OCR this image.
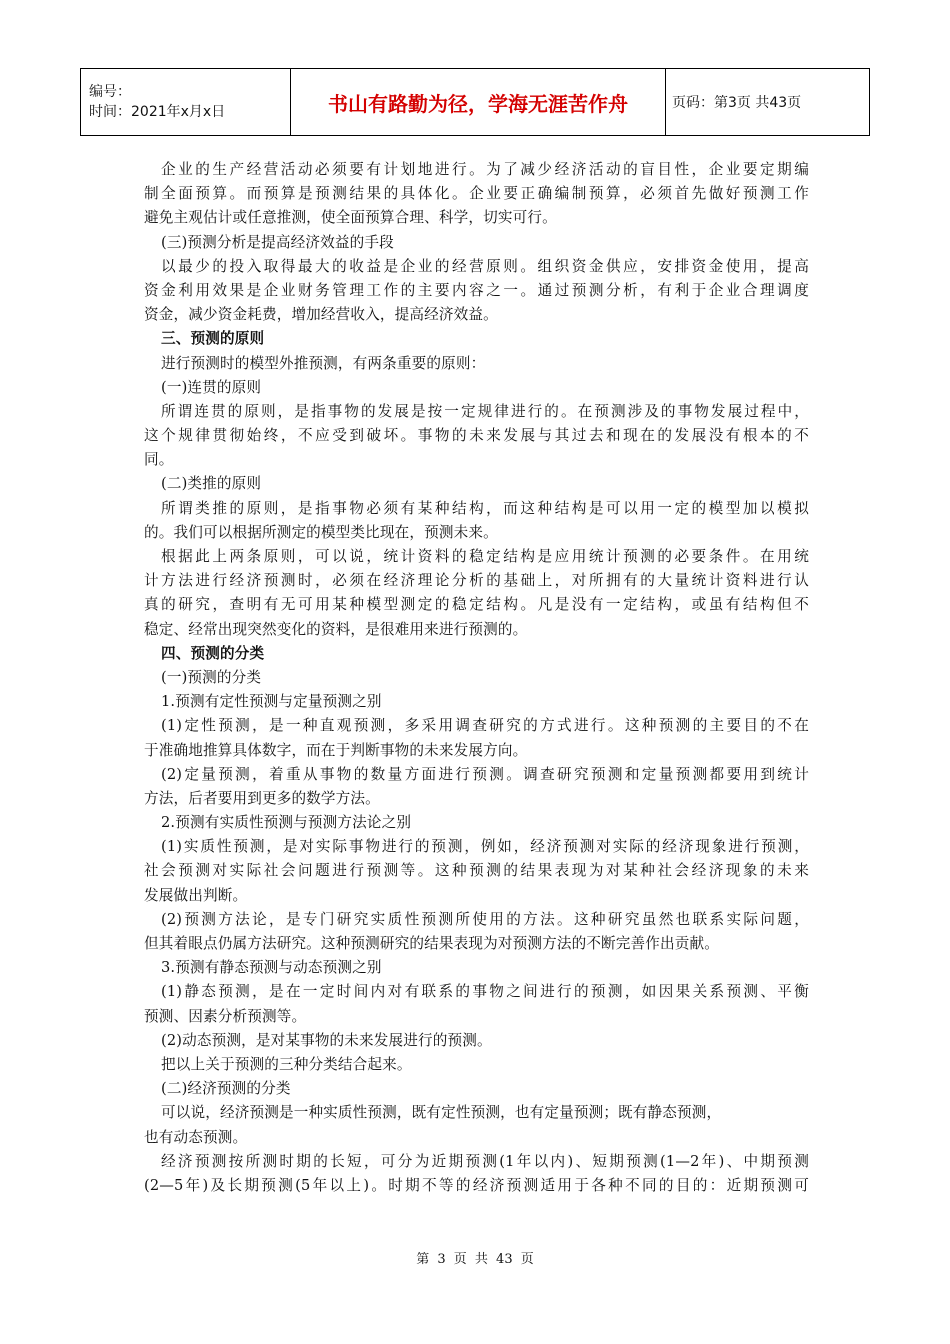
编号：
时间：2021年x月x日	书山有路勤为径，学海无涯苦作舟	页码：第3页 共43页
企业的生产经营活动必须要有计划地进行。为了减少经济活动的盲目性，企业要定期编
制全面预算。而预算是预测结果的具体化。企业要正确编制预算，必须首先做好预测工作
避免主观估计或任意推测，使全面预算合理、科学，切实可行。
(三)预测分析是提高经济效益的手段
以最少的投入取得最大的收益是企业的经营原则。组织资金供应，安排资金使用，提高
资金利用效果是企业财务管理工作的主要内容之一。通过预测分析，有利于企业合理调度
资金，减少资金耗费，增加经营收入，提高经济效益。
三、预测的原则
进行预测时的模型外推预测，有两条重要的原则：
(一)连贯的原则
所谓连贯的原则，是指事物的发展是按一定规律进行的。在预测涉及的事物发展过程中，
这个规律贯彻始终，不应受到破坏。事物的未来发展与其过去和现在的发展没有根本的不
同。
(二)类推的原则
所谓类推的原则，是指事物必须有某种结构，而这种结构是可以用一定的模型加以模拟
的。我们可以根据所测定的模型类比现在，预测未来。
根据此上两条原则，可以说，统计资料的稳定结构是应用统计预测的必要条件。在用统
计方法进行经济预测时，必须在经济理论分析的基础上，对所拥有的大量统计资料进行认
真的研究，查明有无可用某种模型测定的稳定结构。凡是没有一定结构，或虽有结构但不
稳定、经常出现突然变化的资料，是很难用来进行预测的。
四、预测的分类
(一)预测的分类
1.预测有定性预测与定量预测之别
(1)定性预测，是一种直观预测，多采用调查研究的方式进行。这种预测的主要目的不在
于准确地推算具体数字，而在于判断事物的未来发展方向。
(2)定量预测，着重从事物的数量方面进行预测。调查研究预测和定量预测都要用到统计
方法，后者要用到更多的数学方法。
2.预测有实质性预测与预测方法论之别
(1)实质性预测，是对实际事物进行的预测，例如，经济预测对实际的经济现象进行预测，
社会预测对实际社会问题进行预测等。这种预测的结果表现为对某种社会经济现象的未来
发展做出判断。
(2)预测方法论，是专门研究实质性预测所使用的方法。这种研究虽然也联系实际问题，
但其着眼点仍属方法研究。这种预测研究的结果表现为对预测方法的不断完善作出贡献。
3.预测有静态预测与动态预测之别
(1)静态预测，是在一定时间内对有联系的事物之间进行的预测，如因果关系预测、平衡
预测、因素分析预测等。
(2)动态预测，是对某事物的未来发展进行的预测。
把以上关于预测的三种分类结合起来。
(二)经济预测的分类
可以说，经济预测是一种实质性预测，既有定性预测，也有定量预测；既有静态预测，
也有动态预测。
经济预测按所测时期的长短，可分为近期预测(1年以内)、短期预测(1—2年)、中期预测
(2—5年)及长期预测(5年以上)。时期不等的经济预测适用于各种不同的目的：近期预测可
第 3 页 共 43 页
